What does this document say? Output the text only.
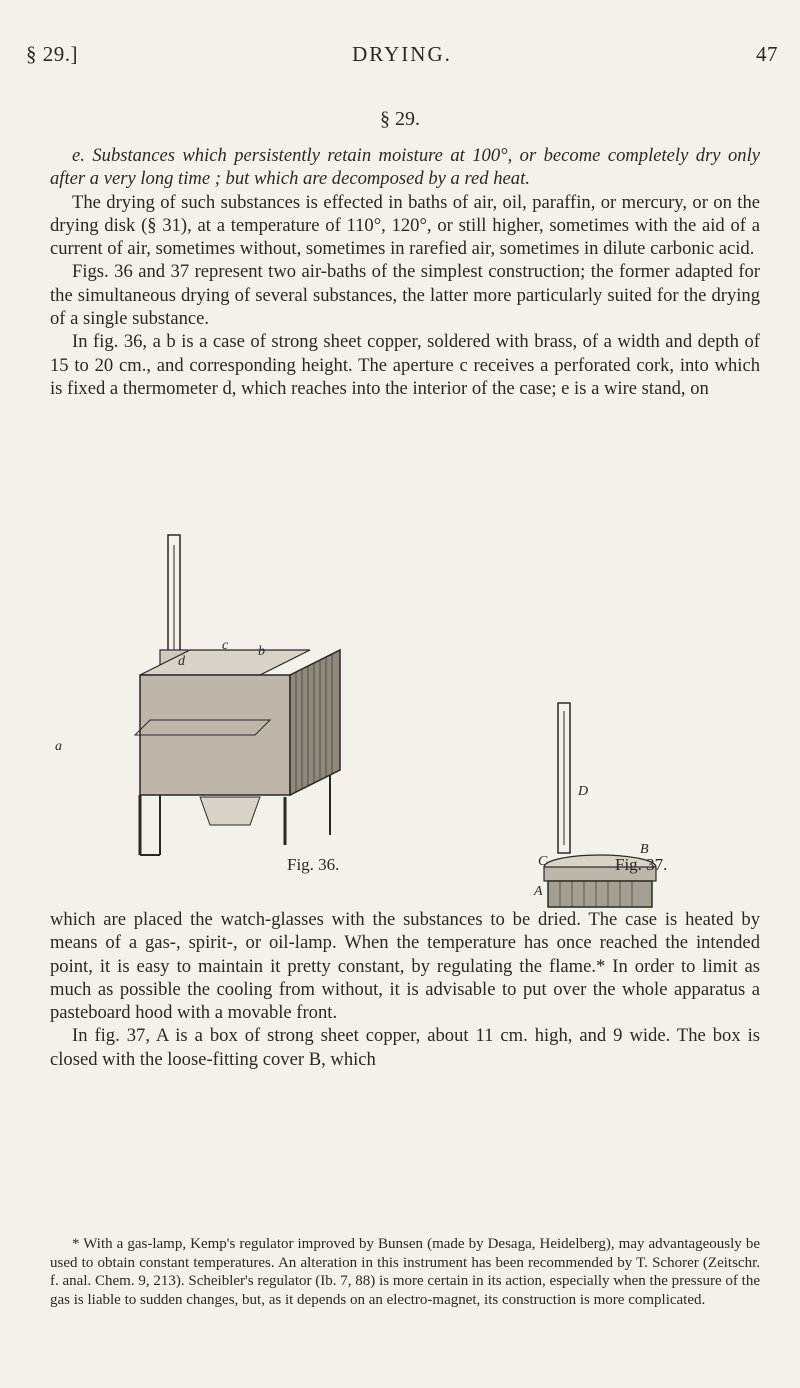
§ 29.]	DRYING.	47
§ 29.

e. Substances which persistently retain moisture at 100°, or become completely dry only after a very long time ; but which are decomposed by a red heat.

The drying of such substances is effected in baths of air, oil, paraffin, or mercury, or on the drying disk (§ 31), at a temperature of 110°, 120°, or still higher, sometimes with the aid of a current of air, sometimes without, sometimes in rarefied air, sometimes in dilute carbonic acid.

Figs. 36 and 37 represent two air-baths of the simplest construction; the former adapted for the simultaneous drying of several substances, the latter more particularly suited for the drying of a single substance.

In fig. 36, a b is a case of strong sheet copper, soldered with brass, of a width and depth of 15 to 20 cm., and corresponding height. The aperture c receives a perforated cork, into which is fixed a thermometer d, which reaches into the interior of the case; e is a wire stand, on

d
c b
a
D
B
C
A
Fig. 36.	Fig. 37.

which are placed the watch-glasses with the substances to be dried. The case is heated by means of a gas-, spirit-, or oil-lamp. When the temperature has once reached the intended point, it is easy to maintain it pretty constant, by regulating the flame.* In order to limit as much as possible the cooling from without, it is advisable to put over the whole apparatus a pasteboard hood with a movable front.

In fig. 37, A is a box of strong sheet copper, about 11 cm. high, and 9 wide. The box is closed with the loose-fitting cover B, which

* With a gas-lamp, Kemp's regulator improved by Bunsen (made by Desaga, Heidelberg), may advantageously be used to obtain constant temperatures. An alteration in this instrument has been recommended by T. Schorer (Zeitschr. f. anal. Chem. 9, 213). Scheibler's regulator (Ib. 7, 88) is more certain in its action, especially when the pressure of the gas is liable to sudden changes, but, as it depends on an electro-magnet, its construction is more complicated.
